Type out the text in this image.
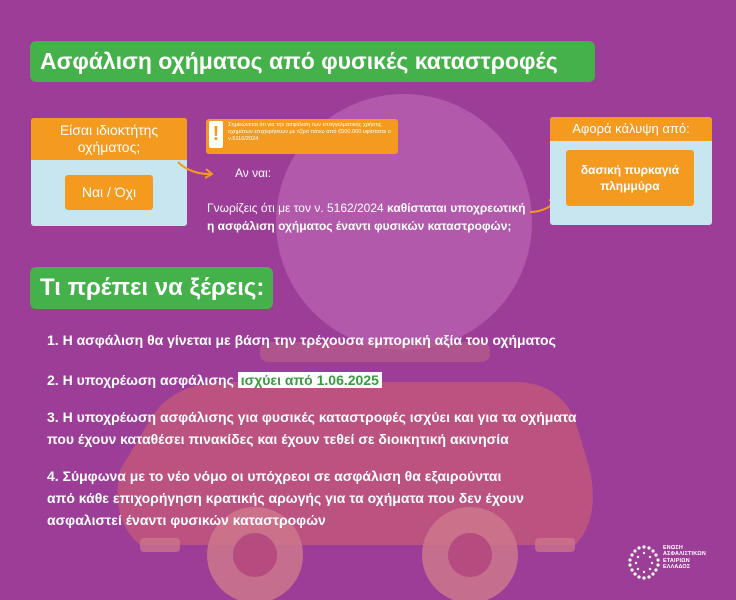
Ασφάλιση οχήματος από φυσικές καταστροφές
Είσαι ιδιοκτήτης οχήματος;
Ναι / Όχι
!	Σημειώνεται ότι για την ασφάλιση των επαγγελματικής χρήσης οχημάτων επιχειρήσεων με τζίρο πάνω από €500.000 υφίσταται ο ν.5116/2024
Αν ναι:
Γνωρίζεις ότι με τον ν. 5162/2024 καθίσταται υποχρεωτική η ασφάλιση οχήματος έναντι φυσικών καταστροφών;
Αφορά κάλυψη από:
δασική πυρκαγιά
πλημμύρα
Τι πρέπει να ξέρεις:
1. Η ασφάλιση θα γίνεται με βάση την τρέχουσα εμπορική αξία του οχήματος
2. Η υποχρέωση ασφάλισης ισχύει από 1.06.2025
3. Η υποχρέωση ασφάλισης για φυσικές καταστροφές ισχύει και για τα οχήματα
που έχουν καταθέσει πινακίδες και έχουν τεθεί σε διοικητική ακινησία
4. Σύμφωνα με το νέο νόμο οι υπόχρεοι σε ασφάλιση θα εξαιρούνται
από κάθε επιχορήγηση κρατικής αρωγής για τα οχήματα που δεν έχουν
ασφαλιστεί έναντι φυσικών καταστροφών
ΕΝΩΣΗ
ΑΣΦΑΛΙΣΤΙΚΩΝ
ΕΤΑΙΡΙΩΝ
ΕΛΛΑΔΟΣ
